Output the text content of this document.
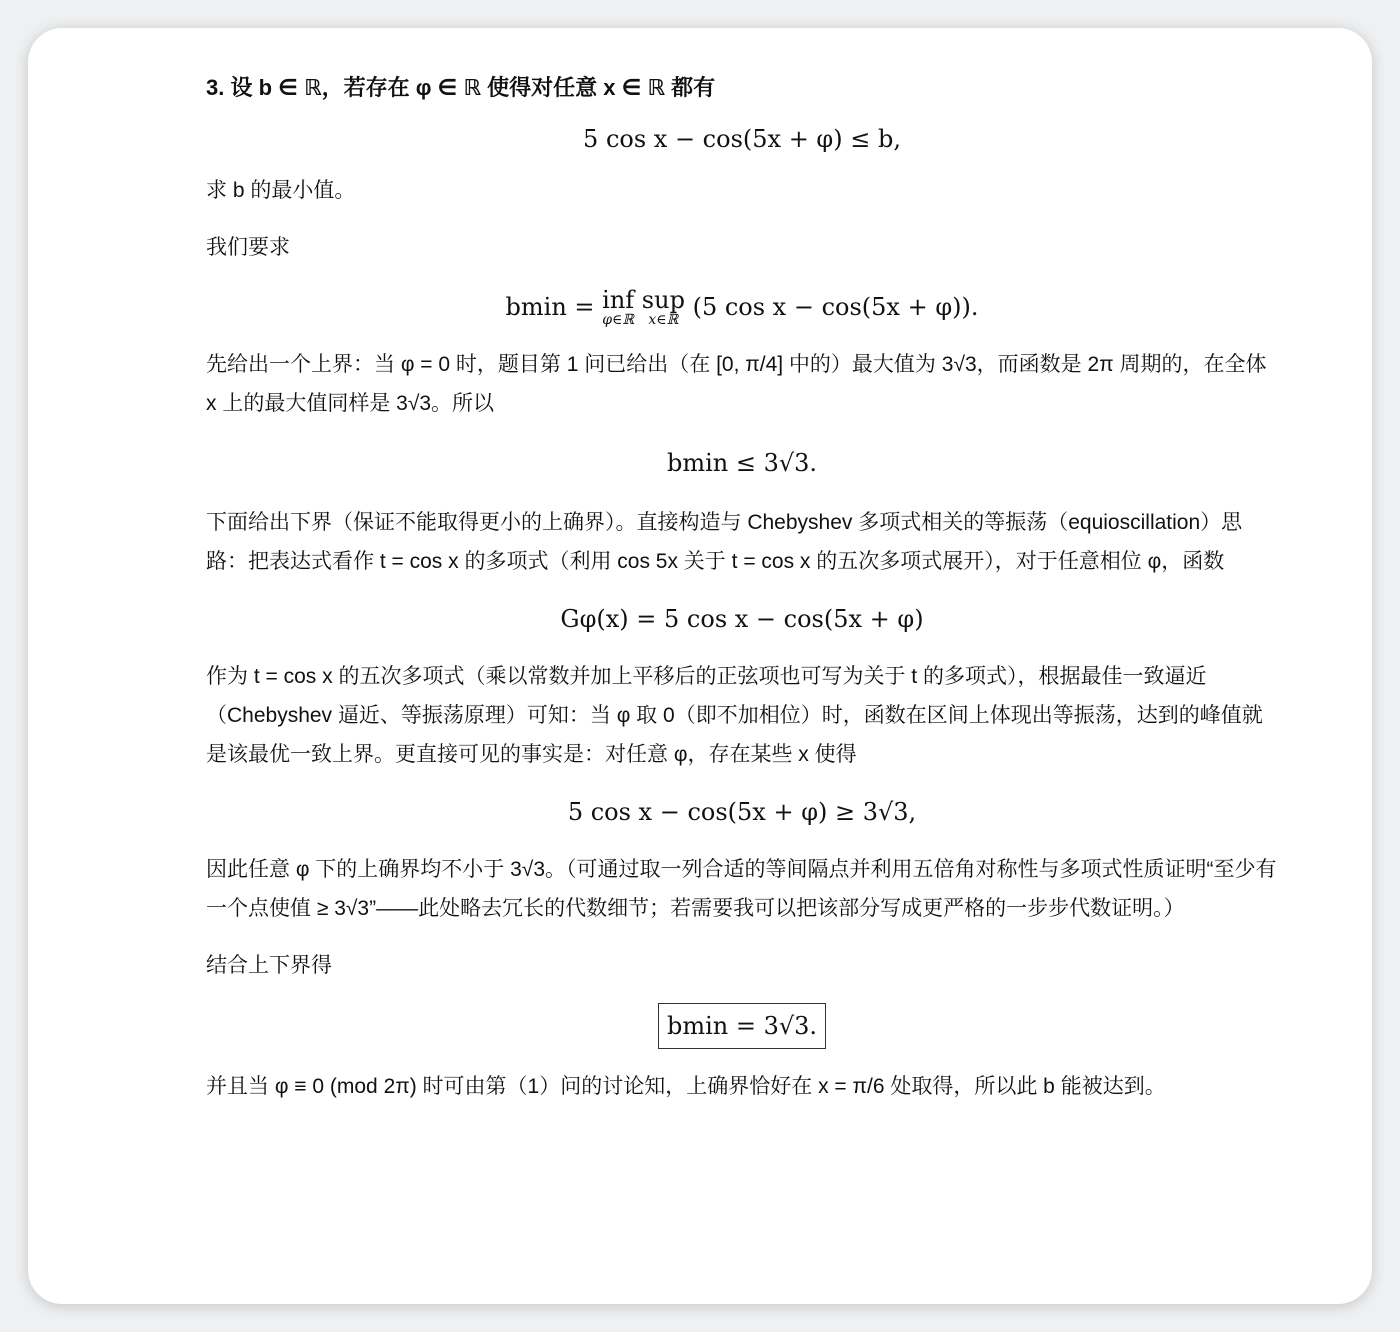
3. 设 b ∈ ℝ，若存在 φ ∈ ℝ 使得对任意 x ∈ ℝ 都有

5 cos x − cos(5x + φ) ≤ b,

求 b 的最小值。

我们要求

bmin = inf
φ∈ℝ
sup
x∈ℝ (5 cos x − cos(5x + φ)).

先给出一个上界：当 φ = 0 时，题目第 1 问已给出（在 [0, π/4] 中的）最大值为 3√3，而函数是 2π 周期的，在全体 x 上的最大值同样是 3√3。所以

bmin ≤ 3√3.

下面给出下界（保证不能取得更小的上确界）。直接构造与 Chebyshev 多项式相关的等振荡（equioscillation）思路：把表达式看作 t = cos x 的多项式（利用 cos 5x 关于 t = cos x 的五次多项式展开），对于任意相位 φ，函数

Gφ(x) = 5 cos x − cos(5x + φ)

作为 t = cos x 的五次多项式（乘以常数并加上平移后的正弦项也可写为关于 t 的多项式），根据最佳一致逼近（Chebyshev 逼近、等振荡原理）可知：当 φ 取 0（即不加相位）时，函数在区间上体现出等振荡，达到的峰值就是该最优一致上界。更直接可见的事实是：对任意 φ，存在某些 x 使得

5 cos x − cos(5x + φ) ≥ 3√3,

因此任意 φ 下的上确界均不小于 3√3。（可通过取一列合适的等间隔点并利用五倍角对称性与多项式性质证明“至少有一个点使值 ≥ 3√3”——此处略去冗长的代数细节；若需要我可以把该部分写成更严格的一步步代数证明。）

结合上下界得

bmin = 3√3.

并且当 φ ≡ 0 (mod 2π) 时可由第（1）问的讨论知，上确界恰好在 x = π/6 处取得，所以此 b 能被达到。
